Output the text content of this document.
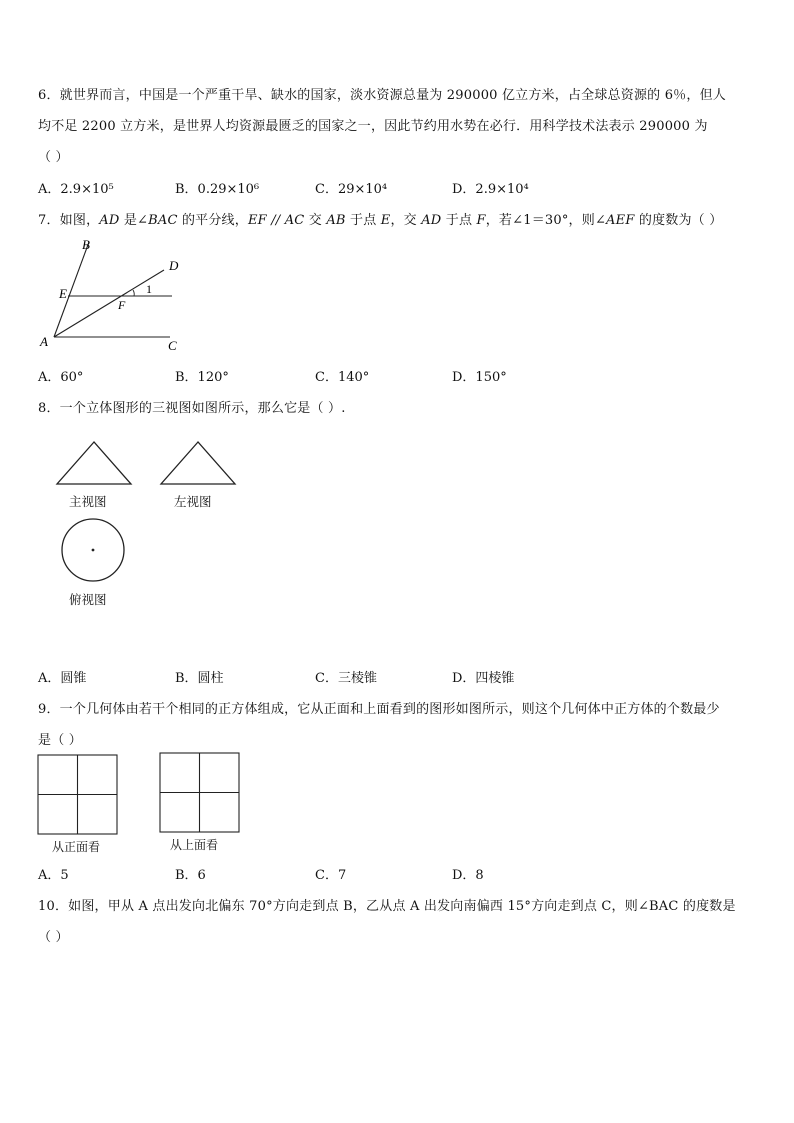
6．就世界而言，中国是一个严重干旱、缺水的国家，淡水资源总量为 290000 亿立方米，占全球总资源的 6％，但人
均不足 2200 立方米，是世界人均资源最匮乏的国家之一，因此节约用水势在必行．用科学技术法表示 290000 为
（ ）
A．2.9×10⁵	B．0.29×10⁶	C．29×10⁴	D．2.9×10⁴
7．如图，AD 是∠BAC 的平分线，EF // AC 交 AB 于点 E，交 AD 于点 F，若∠1＝30°，则∠AEF 的度数为（ ）
B
D
E
F
1
A	C
A．60°	B．120°	C．140°	D．150°
8．一个立体图形的三视图如图所示，那么它是（ ）.
主视图	左视图
俯视图
A．圆锥	B．圆柱	C．三棱锥	D．四棱锥
9．一个几何体由若干个相同的正方体组成，它从正面和上面看到的图形如图所示，则这个几何体中正方体的个数最少
是（ ）
从正面看	从上面看
A．5	B．6	C．7	D．8
10．如图，甲从 A 点出发向北偏东 70°方向走到点 B，乙从点 A 出发向南偏西 15°方向走到点 C，则∠BAC 的度数是
（ ）
